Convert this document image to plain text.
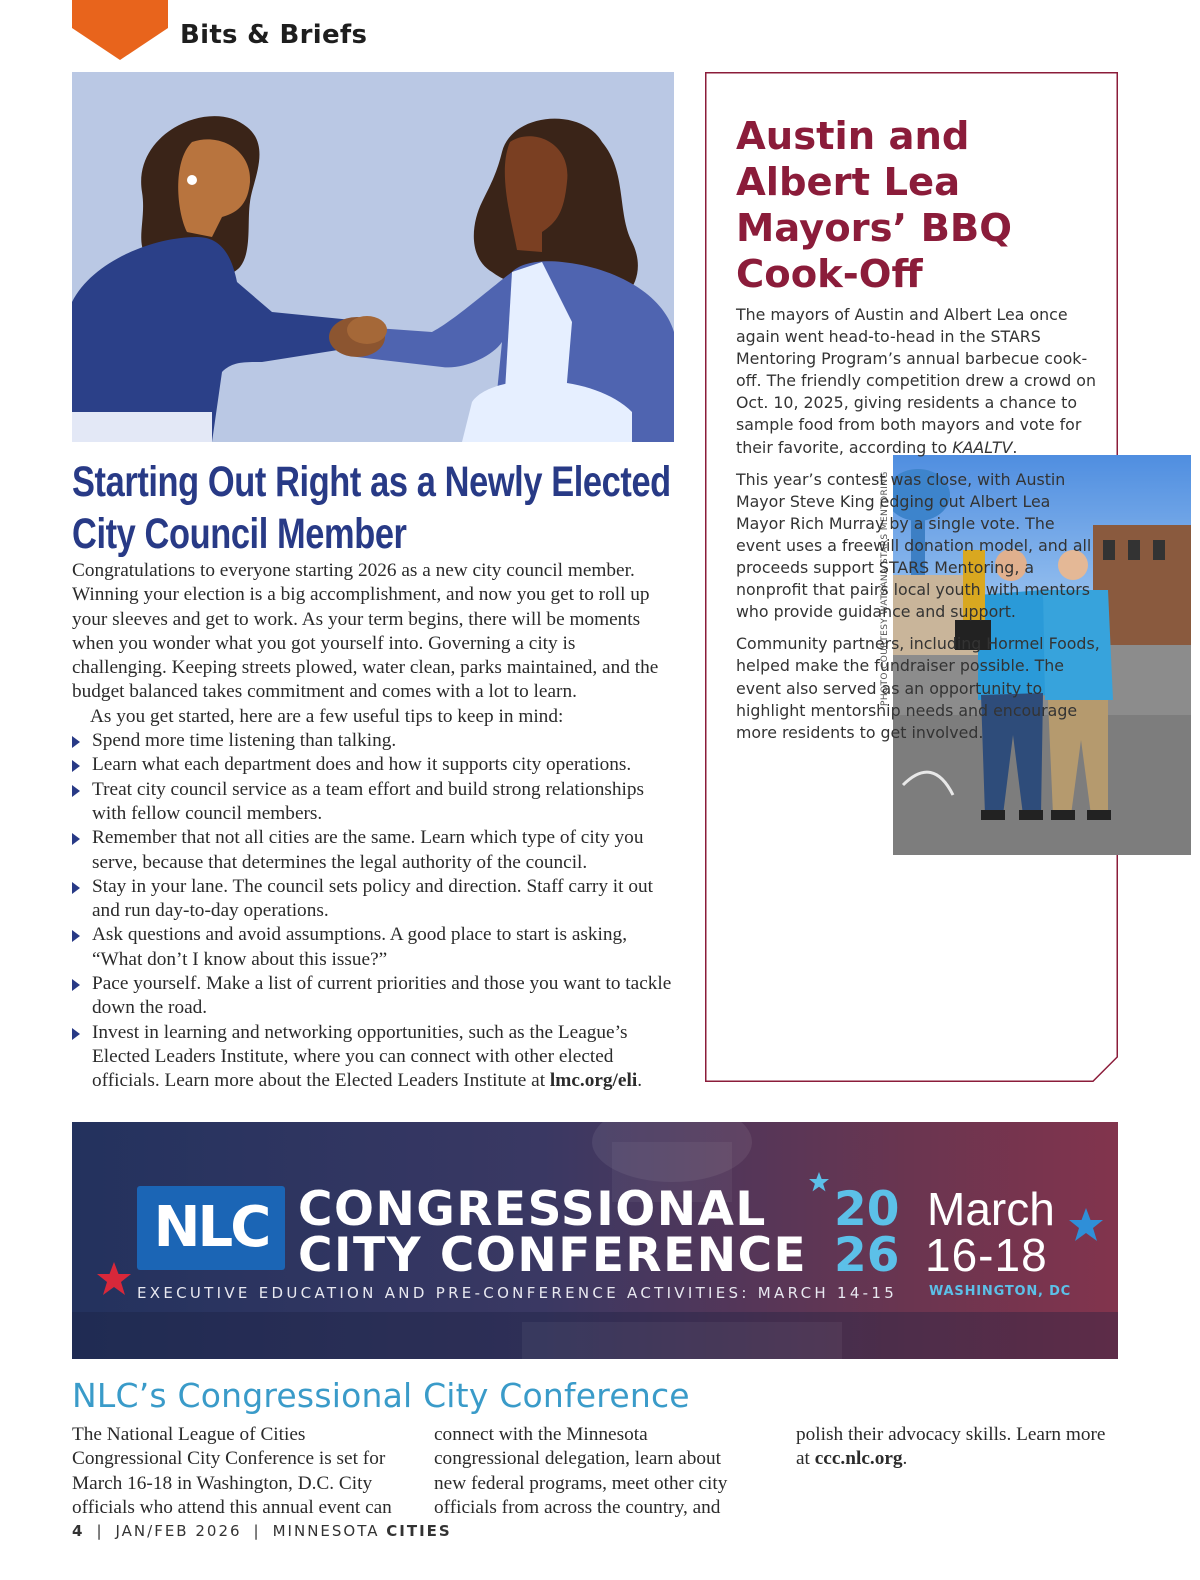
Bits & Briefs
Starting Out Right as a Newly Elected City Council Member

Congratulations to everyone starting 2026 as a new city council member. Winning your election is a big accomplishment, and now you get to roll up your sleeves and get to work. As your term begins, there will be moments when you wonder what you got yourself into. Governing a city is challenging. Keeping streets plowed, water clean, parks maintained, and the budget balanced takes commitment and comes with a lot to learn.

As you get started, here are a few useful tips to keep in mind:

Spend more time listening than talking.
Learn what each department does and how it supports city operations.
Treat city council service as a team effort and build strong relationships with fellow council members.
Remember that not all cities are the same. Learn which type of city you serve, because that determines the legal authority of the council.
Stay in your lane. The council sets policy and direction. Staff carry it out and run day-to-day operations.
Ask questions and avoid assumptions. A good place to start is asking, “What don’t I know about this issue?”
Pace yourself. Make a list of current priorities and those you want to tackle down the road.
Invest in learning and networking opportunities, such as the League’s Elected Leaders Institute, where you can connect with other elected officials. Learn more about the Elected Leaders Institute at lmc.org/eli.
Austin and Albert Lea Mayors’ BBQ Cook-Off
PHOTO COURTESY WATSANA STARS MENTORING

The mayors of Austin and Albert Lea once again went head-to-head in the STARS Mentoring Program’s annual barbecue cook-off. The friendly competition drew a crowd on Oct. 10, 2025, giving residents a chance to sample food from both mayors and vote for their favorite, according to KAALTV.

This year’s contest was close, with Austin Mayor Steve King edging out Albert Lea Mayor Rich Murray by a single vote. The event uses a freewill donation model, and all proceeds support STARS Mentoring, a nonprofit that pairs local youth with mentors who provide guidance and support.

Community partners, including Hormel Foods, helped make the fundraiser possible. The event also served as an opportunity to highlight mentorship needs and encourage more residents to get involved.

NLC CONGRESSIONAL
CITY CONFERENCE
20
26
March
16-18
EXECUTIVE EDUCATION AND PRE-CONFERENCE ACTIVITIES: MARCH 14-15 WASHINGTON, DC
NLC’s Congressional City Conference

The National League of Cities Congressional City Conference is set for March 16-18 in Washington, D.C. City officials who attend this annual event can connect with the Minnesota congressional delegation, learn about new federal programs, meet other city officials from across the country, and polish their advocacy skills. Learn more at ccc.nlc.org.

4 | JAN/FEB 2026 | MINNESOTA CITIES
